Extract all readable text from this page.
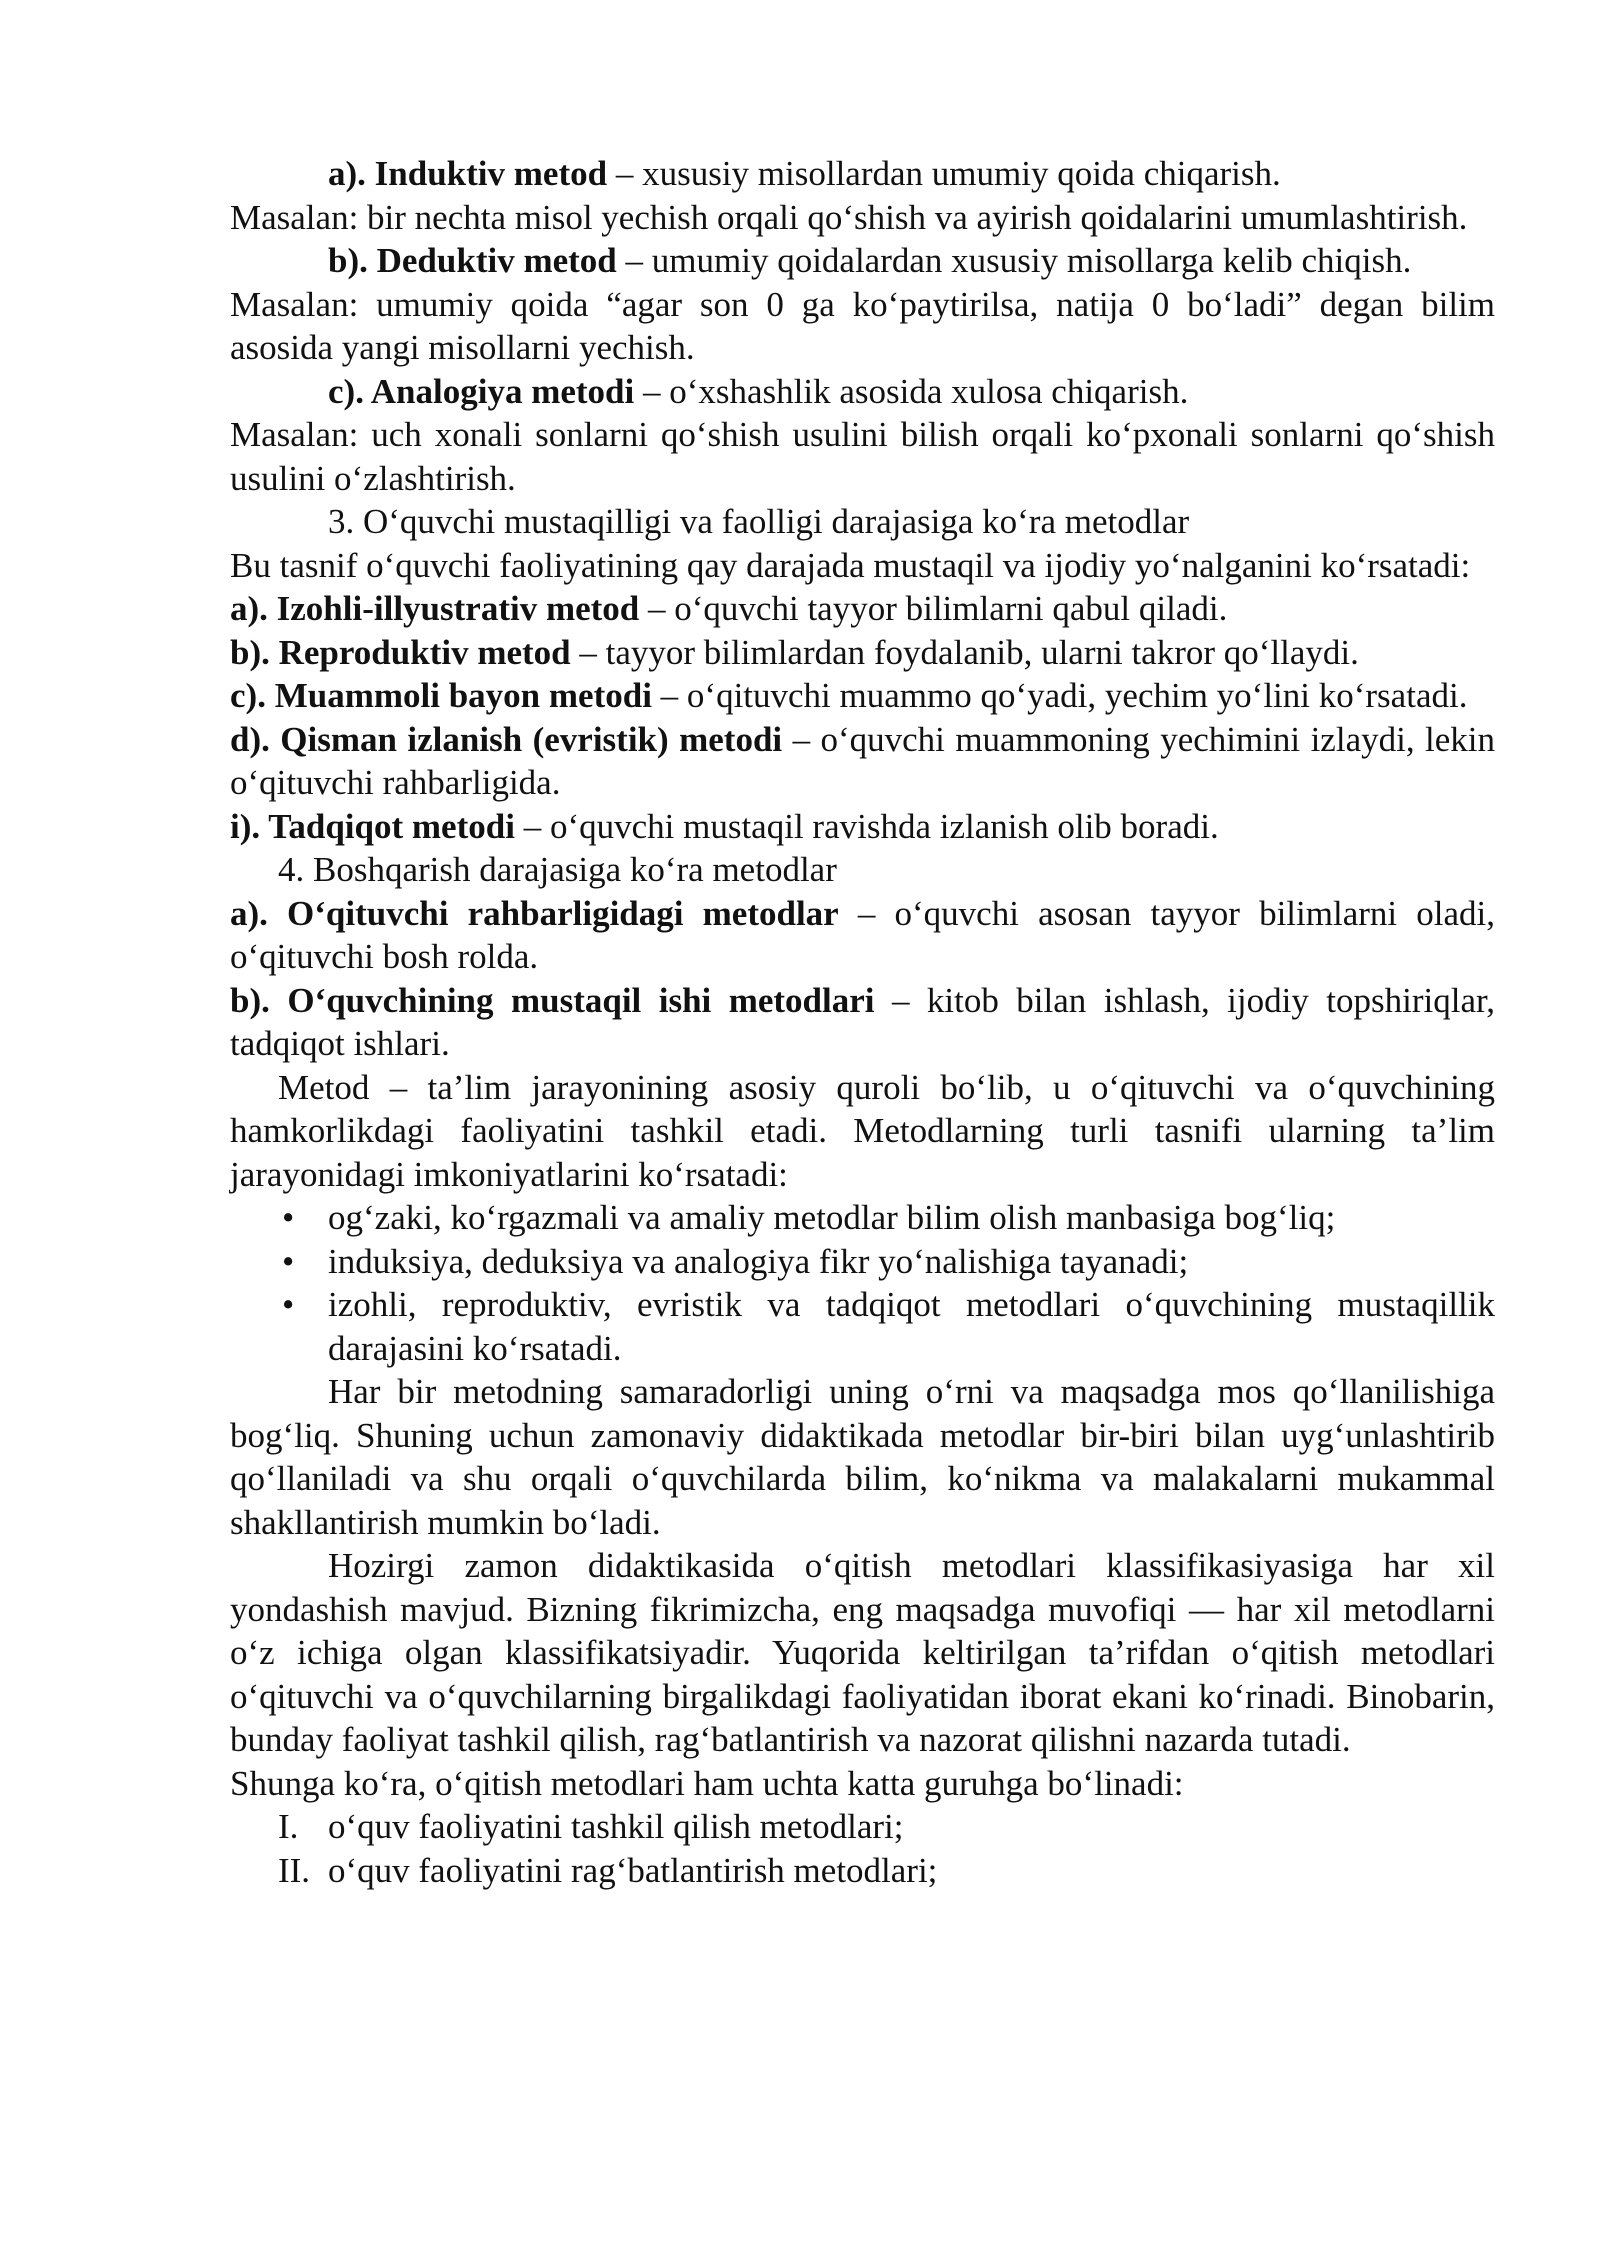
a). Induktiv metod – xususiy misollardan umumiy qoida chiqarish.

Masalan: bir nechta misol yechish orqali qo‘shish va ayirish qoidalarini umumlashtirish.

b). Deduktiv metod – umumiy qoidalardan xususiy misollarga kelib chiqish.

Masalan: umumiy qoida “agar son 0 ga ko‘paytirilsa, natija 0 bo‘ladi” degan bilim asosida yangi misollarni yechish.

c). Analogiya metodi – o‘xshashlik asosida xulosa chiqarish.

Masalan: uch xonali sonlarni qo‘shish usulini bilish orqali ko‘pxonali sonlarni qo‘shish usulini o‘zlashtirish.

3. O‘quvchi mustaqilligi va faolligi darajasiga ko‘ra metodlar

Bu tasnif o‘quvchi faoliyatining qay darajada mustaqil va ijodiy yo‘nalganini ko‘rsatadi:

a). Izohli-illyustrativ metod – o‘quvchi tayyor bilimlarni qabul qiladi.

b). Reproduktiv metod – tayyor bilimlardan foydalanib, ularni takror qo‘llaydi.

c). Muammoli bayon metodi – o‘qituvchi muammo qo‘yadi, yechim yo‘lini ko‘rsatadi.

d). Qisman izlanish (evristik) metodi – o‘quvchi muammoning yechimini izlaydi, lekin o‘qituvchi rahbarligida.

i). Tadqiqot metodi – o‘quvchi mustaqil ravishda izlanish olib boradi.

4. Boshqarish darajasiga ko‘ra metodlar

a). O‘qituvchi rahbarligidagi metodlar – o‘quvchi asosan tayyor bilimlarni oladi, o‘qituvchi bosh rolda.

b). O‘quvchining mustaqil ishi metodlari – kitob bilan ishlash, ijodiy topshiriqlar, tadqiqot ishlari.

Metod – ta’lim jarayonining asosiy quroli bo‘lib, u o‘qituvchi va o‘quvchining hamkorlikdagi faoliyatini tashkil etadi. Metodlarning turli tasnifi ularning ta’lim jarayonidagi imkoniyatlarini ko‘rsatadi:

• og‘zaki, ko‘rgazmali va amaliy metodlar bilim olish manbasiga bog‘liq;
• induksiya, deduksiya va analogiya fikr yo‘nalishiga tayanadi;
• izohli, reproduktiv, evristik va tadqiqot metodlari o‘quvchining mustaqillik darajasini ko‘rsatadi.

Har bir metodning samaradorligi uning o‘rni va maqsadga mos qo‘llanilishiga bog‘liq. Shuning uchun zamonaviy didaktikada metodlar bir-biri bilan uyg‘unlashtirib qo‘llaniladi va shu orqali o‘quvchilarda bilim, ko‘nikma va malakalarni mukammal shakllantirish mumkin bo‘ladi.

Hozirgi zamon didaktikasida o‘qitish metodlari klassifikasiyasiga har xil yondashish mavjud. Bizning fikrimizcha, eng maqsadga muvofiqi — har xil metodlarni o‘z ichiga olgan klassifikatsiyadir. Yuqorida keltirilgan ta’rifdan o‘qitish metodlari o‘qituvchi va o‘quvchilarning birgalikdagi faoliyatidan iborat ekani ko‘rinadi. Binobarin, bunday faoliyat tashkil qilish, rag‘batlantirish va nazorat qilishni nazarda tutadi.

Shunga ko‘ra, o‘qitish metodlari ham uchta katta guruhga bo‘linadi:

I. o‘quv faoliyatini tashkil qilish metodlari;
II. o‘quv faoliyatini rag‘batlantirish metodlari;
